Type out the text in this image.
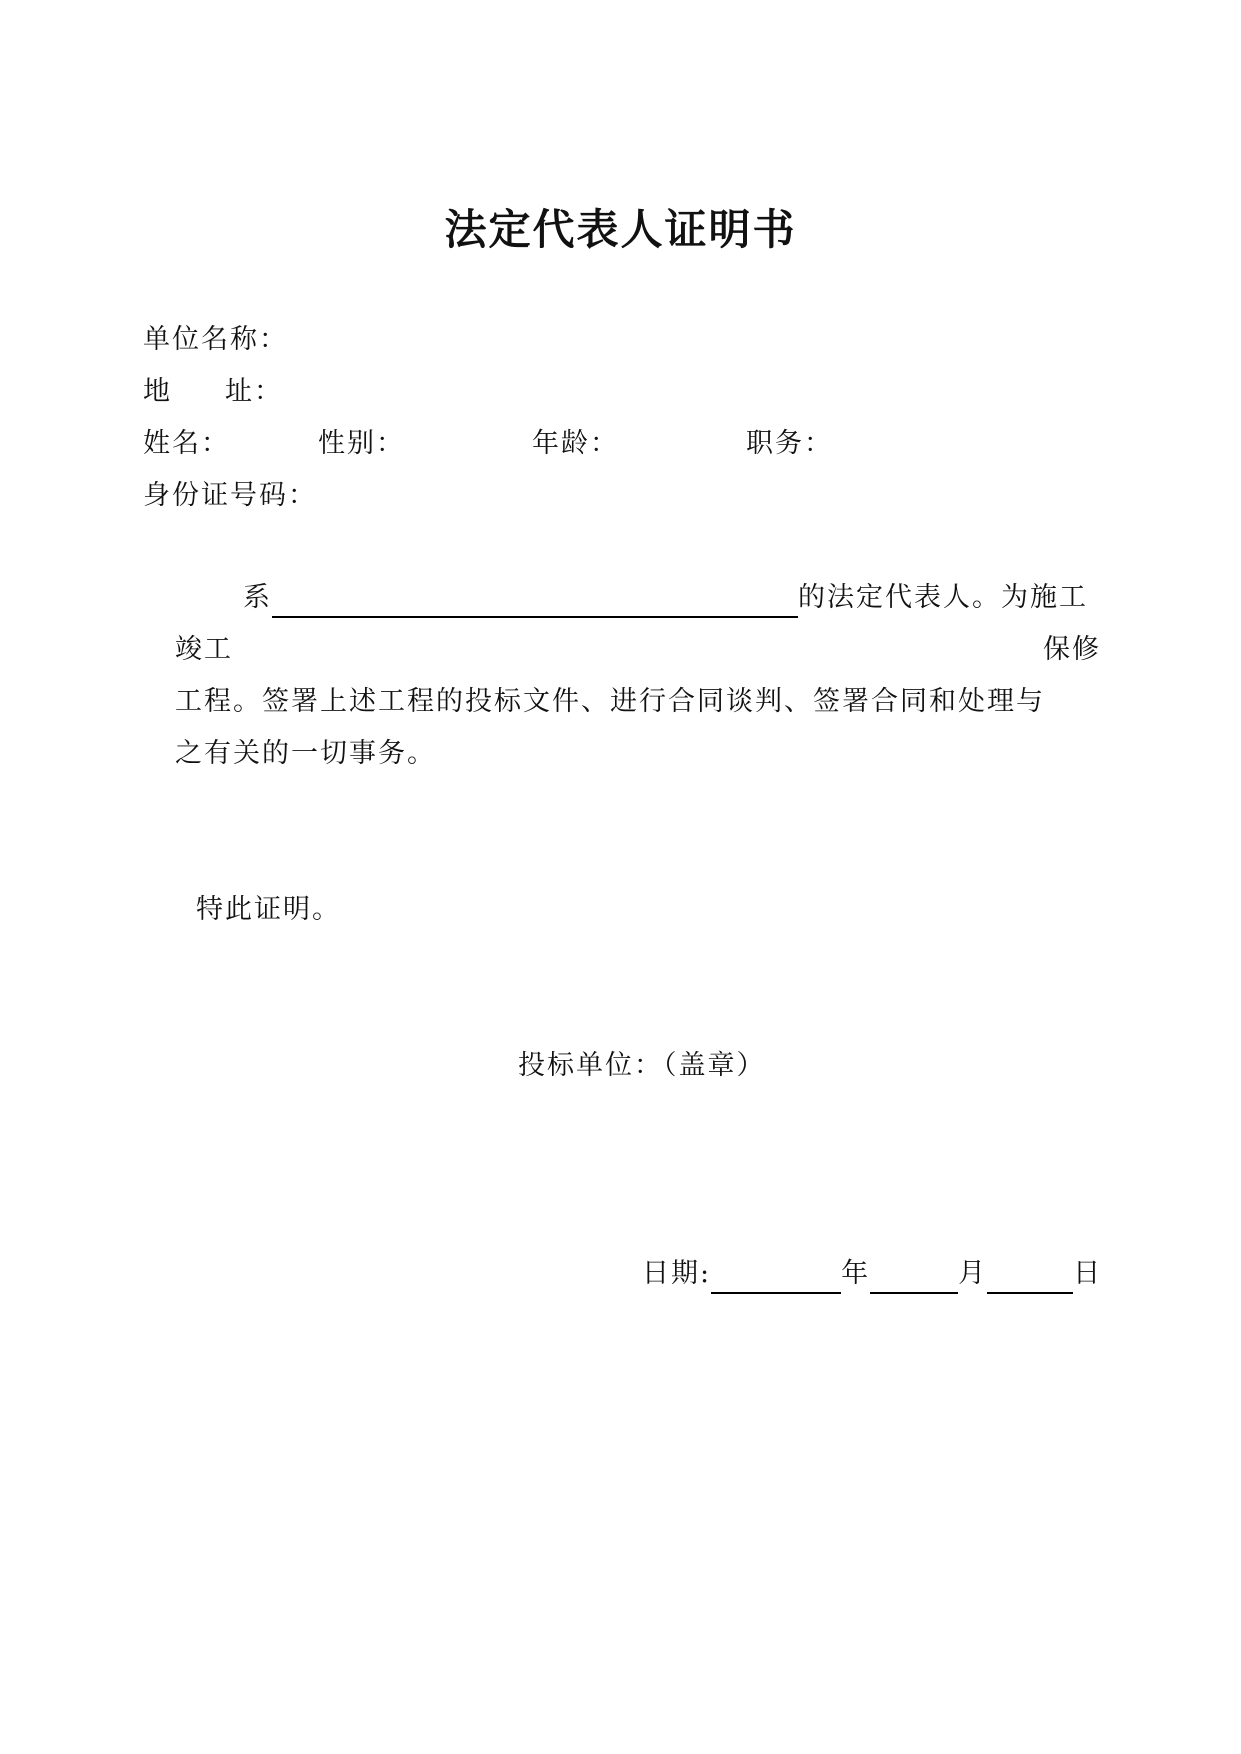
法定代表人证明书
单位名称：
地 址：
姓名：	性别：	年龄：	职务：
身份证号码：
系	的法定代表人。为施工
竣工	保修
工程。签署上述工程的投标文件、进行合同谈判、签署合同和处理与
之有关的一切事务。
特此证明。
投标单位：（盖章）
日期:	年	月	日
